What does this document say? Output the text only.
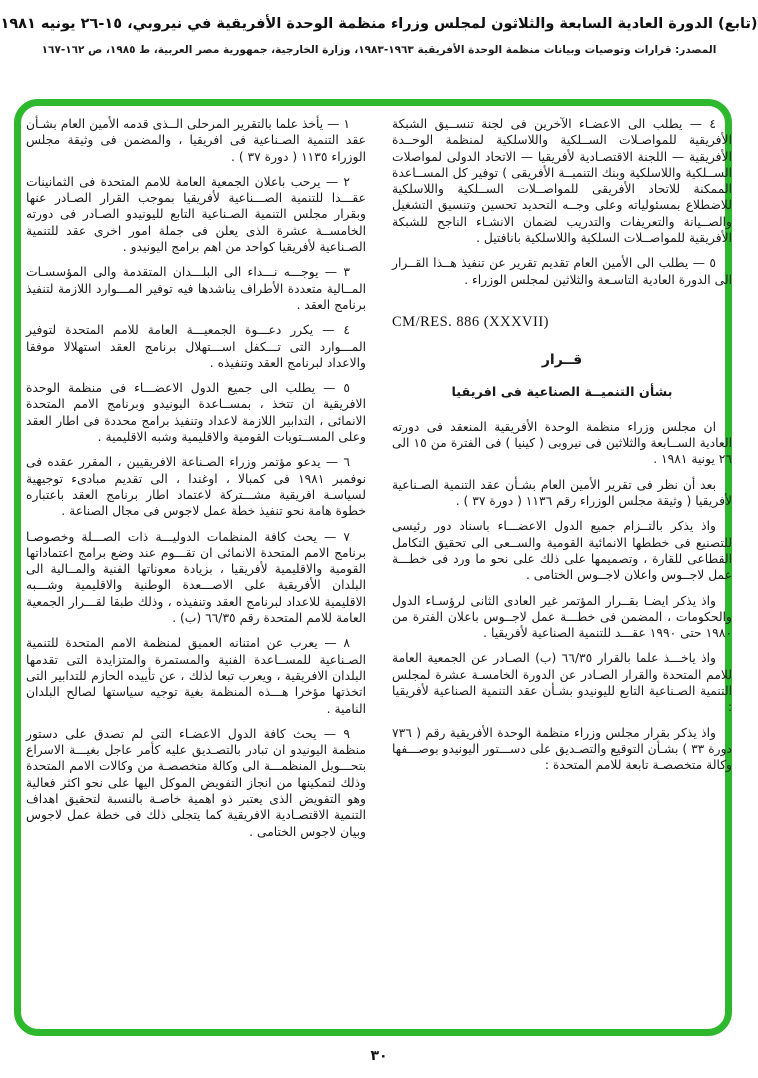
(تابع) الدورة العادية السابعة والثلاثون لمجلس وزراء منظمة الوحدة الأفريقية في نيروبي، ١٥-٢٦ يونيه ١٩٨١
المصدر: قرارات وتوصيات وبيانات منظمة الوحدة الأفريقية ١٩٦٣-١٩٨٣، وزارة الخارجية، جمهورية مصر العربية، ط ١٩٨٥، ص ١٦٢-١٦٧
٤ — يطلب الى الاعضـاء الآخرين فى لجنة تنســيق الشبكة الأفريقية للمواصـلات الســلكية واللاسلكية لمنظمة الوحــدة الأفريقية — اللجنة الاقتصـادية لأفريقيا — الاتحاد الدولى لمواصلات الســلكية واللاسلكية وبنك التنميــة الأفريقى ) توفير كل المســاعدة الممكنة للاتحاد الأفريقى للمواصــلات الســلكية واللاسلكية للاضطلاع بمسئولياته وعلى وجــه التحديد تحسين وتنسيق التشغيل والصــيانة والتعريفات والتدريب لضمان الانشـاء الناجح للشبكة الأفريقية للمواصــلات السلكية واللاسلكية بانافتيل .
٥ — يطلب الى الأمين العام تقديم تقرير عن تنفيذ هــذا القــرار الى الدورة العادية التاسـعة والثلاثين لمجلس الوزراء .
CM/RES. 886 (XXXVII)
قــرار
بشأن التنميــة الصناعية فى افريقيا
ان مجلس وزراء منظمة الوحدة الأفريقية المنعقد فى دورته العادية الســابعة والثلاثين فى نيروبى ( كينيا ) فى الفترة من ١٥ الى ٢٦ يونية ١٩٨١ .
بعد أن نظر فى تقرير الأمين العام بشـأن عقد التنمية الصـناعية لأفريقيا ( وثيقة مجلس الوزراء رقم ١١٣٦ ( دورة ٣٧ ) .
واذ يذكر بالتــزام جميع الدول الاعضـــاء باسناد دور رئيسى للتصنيع فى خططها الانمائية القومية والســعى الى تحقيق التكامل القطاعى للقارة ، وتصميمها على ذلك على نحو ما ورد فى خطـــة عمل لاجــوس واعلان لاجــوس الختامى .
واذ يذكر ايضـا بقــرار المؤتمر غير العادى الثانى لرؤسـاء الدول والحكومات ، المضمن فى خطـــة عمل لاجــوس باعلان الفترة من ١٩٨٠ حتى ١٩٩٠ عقـــد للتنمية الصناعية لأفريقيا .
واذ ياخـــذ علما بالقرار ٦٦/٣٥ (ب) الصـادر عن الجمعية العامة للامم المتحدة والقرار الصـادر عن الدورة الخامسـة عشرة لمجلس التنمية الصـناعية التابع لليونيدو بشـأن عقد التنمية الصناعية لأفريقيا :
واذ يذكر بقرار مجلس وزراء منظمة الوحدة الأفريقية رقم ( ٧٣٦ دورة ٣٣ ) بشـأن التوقيع والتصـديق على دســـتور اليونيدو بوصـــفها وكالة متخصصـة تابعة للامم المتحدة :
١ — يأخذ علما بالتقرير المرحلى الــذى قدمه الأمين العام بشـأن عقد التنمية الصـناعية فى افريقيا ، والمضمن فى وثيقة مجلس الوزراء ١١٣٥ ( دورة ٣٧ ) .
٢ — يرحب باعلان الجمعية العامة للامم المتحدة فى الثمانينات عقـــدا للتنمية الصـــناعية لأفريقيا بموجب القرار الصـادر عنها وبقرار مجلس التنمية الصـناعية التابع لليونيدو الصـادر فى دورته الخامســة عشرة الذى يعلن فى جملة امور اخرى عقد للتنمية الصـناعية لأفريقيا كواحد من اهم برامج اليونيدو .
٣ — يوجـــه نـــداء الى البلـــدان المتقدمة والى المؤسسـات المــالية متعددة الأطراف يناشدها فيه توفير المـــوارد اللازمة لتنفيذ برنامج العقد .
٤ — يكرر دعـــوة الجمعيـــة العامة للامم المتحدة لتوفير المـــوارد التى تـــكفل اســـتهلال برنامج العقد استهلالا موفقا والاعداد لبرنامج العقد وتنفيذه .
٥ — يطلب الى جميع الدول الاعضـــاء فى منظمة الوحدة الافريقية ان تتخذ ، بمســاعدة اليونيدو وبرنامج الامم المتحدة الانمائى ، التدابير اللازمة لاعداد وتنفيذ برامج محددة فى اطار العقد وعلى المســتويات القومية والاقليمية وشبه الاقليمية .
٦ — يدعو مؤتمر وزراء الصـناعة الافريقيين ، المقرر عقده فى نوفمبر ١٩٨١ فى كمبالا ، اوغندا ، الى تقديم مبادىء توجيهية لسياسـة افريقية مشـــتركة لاعتماد اطار برنامج العقد باعتباره خطوة هامة نحو تنفيذ خطة عمل لاجوس فى مجال الصناعة .
٧ — يحث كافة المنظمات الدوليـــة ذات الصـــلة وخصوصـا برنامج الامم المتحدة الانمائى ان تقـــوم عند وضع برامج اعتماداتها القومية والاقليمية لأفريقيا ، بزيادة معوناتها الفنية والمــالية الى البلدان الأفريقية على الاصـــعدة الوطنية والاقليمية وشـــبه الاقليمية للاعداد لبرنامج العقد وتنفيذه ، وذلك طبقا لقـــرار الجمعية العامة للامم المتحدة رقم ٦٦/٣٥ (ب) .
٨ — يعرب عن امتنانه العميق لمنظمة الامم المتحدة للتنمية الصـناعية للمســاعدة الفنية والمستمرة والمتزايدة التى تقدمها البلدان الافريقية ، ويعرب تبعا لذلك ، عن تأييده الحازم للتدابير التى اتخذتها مؤخرا هـــذه المنظمة بغية توجيه سياستها لصالح البلدان النامية .
٩ — يحث كافة الدول الاعضـاء التى لم تصدق على دستور منظمة اليونيدو ان تبادر بالتصـديق عليه كأمر عاجل بغيـــة الاسراع بتحـــويل المنظمـــة الى وكالة متخصصـة من وكالات الامم المتحدة وذلك لتمكينها من انجاز التفويض الموكل اليها على نحو اكثر فعالية وهو التفويض الذى يعتبر ذو اهمية خاصـة بالنسبة لتحقيق اهداف التنمية الاقتصـادية الافريقية كما يتجلى ذلك فى خطة عمل لاجوس وبيان لاجوس الختامى .
٣٠
